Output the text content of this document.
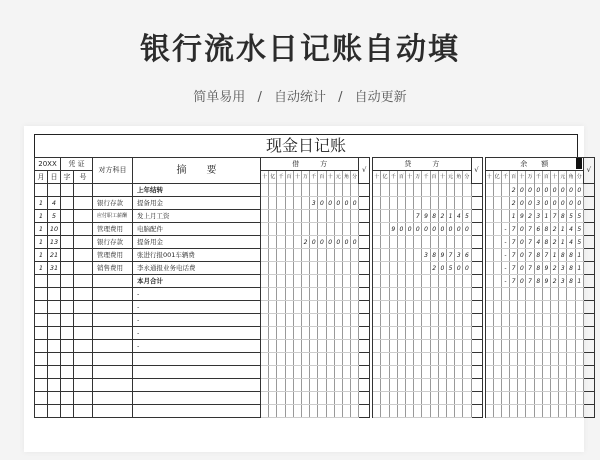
银行流水日记账自动填
简单易用 / 自动统计 / 自动更新
现金日记账
20XX		凭 证		对方科目	摘　　要	借　　　方												√		贷　　　方												√		余　　额												√
月	日	字	号			十	亿	千	百	十	万	千	百	十	元	角	分			十	亿	千	百	十	万	千	百	十	元	角	分			十	亿	千	百	十	万	千	百	十	元	角	分	
					上年结转																																2	0	0	0	0	0	0	0	0	
1	4			银行存款	提备用金							3	0	0	0	0	0																				2	0	0	3	0	0	0	0	0	
1	5			应付职工薪酬	发上月工资																				7	9	8	2	1	4	5						1	9	2	3	1	7	8	5	5	
1	10			管理费用	电脑配件																	9	0	0	0	0	0	0	0	0	0					-	7	0	7	6	8	2	1	4	5	
1	13			银行存款	提备用金						2	0	0	0	0	0	0																			-	7	0	7	4	8	2	1	4	5	
1	21			管理费用	张进行报001车辆费																					3	8	9	7	3	6					-	7	0	7	8	7	1	8	8	1	
1	31			销售费用	李永通报业务电话费																						2	0	5	0	0					-	7	0	7	8	9	2	3	8	1	
					本月合计																															-	7	0	7	8	9	2	3	8	1	
					-																																									
					-																																									
					-																																									
					-																																									
					-																																									
